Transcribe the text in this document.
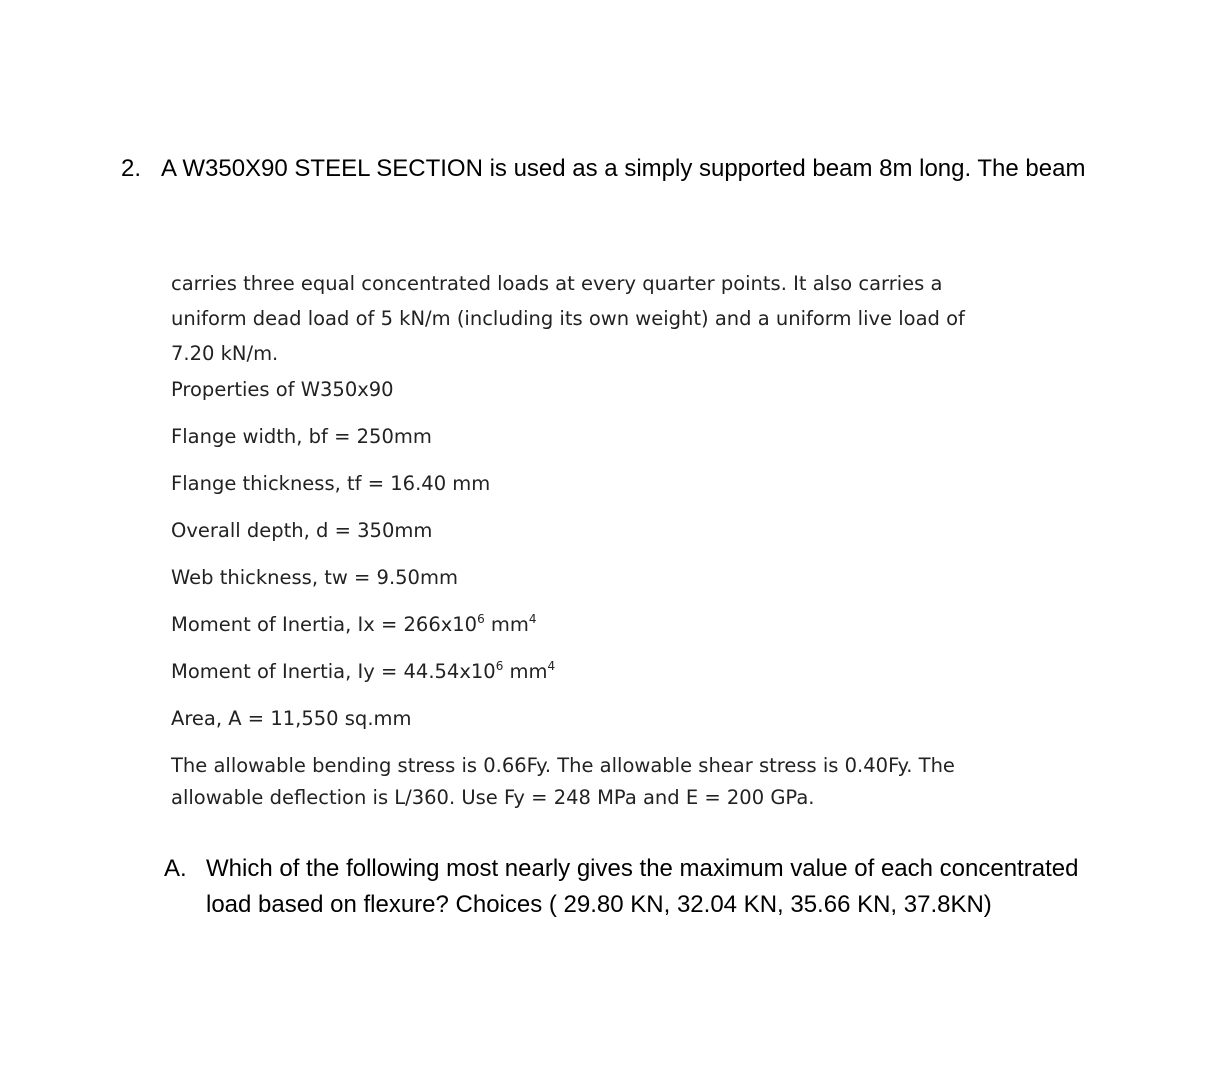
2. A W350X90 STEEL SECTION is used as a simply supported beam 8m long. The beam
carries three equal concentrated loads at every quarter points. It also carries a
uniform dead load of 5 kN/m (including its own weight) and a uniform live load of
7.20 kN/m.
Properties of W350x90
Flange width, bf = 250mm
Flange thickness, tf = 16.40 mm
Overall depth, d = 350mm
Web thickness, tw = 9.50mm
Moment of Inertia, $Ix = 266x10^6$ $mm^4$
Moment of Inertia, $Iy = 44.54x10^6$ $mm^4$
Area, A = 11,550 sq.mm
The allowable bending stress is 0.66Fy. The allowable shear stress is 0.40Fy. The
allowable deflection is L/360. Use Fy = 248 MPa and E = 200 GPa.
A. Which of the following most nearly gives the maximum value of each concentrated
load based on flexure? Choices ( 29.80 KN, 32.04 KN, 35.66 KN, 37.8KN)
